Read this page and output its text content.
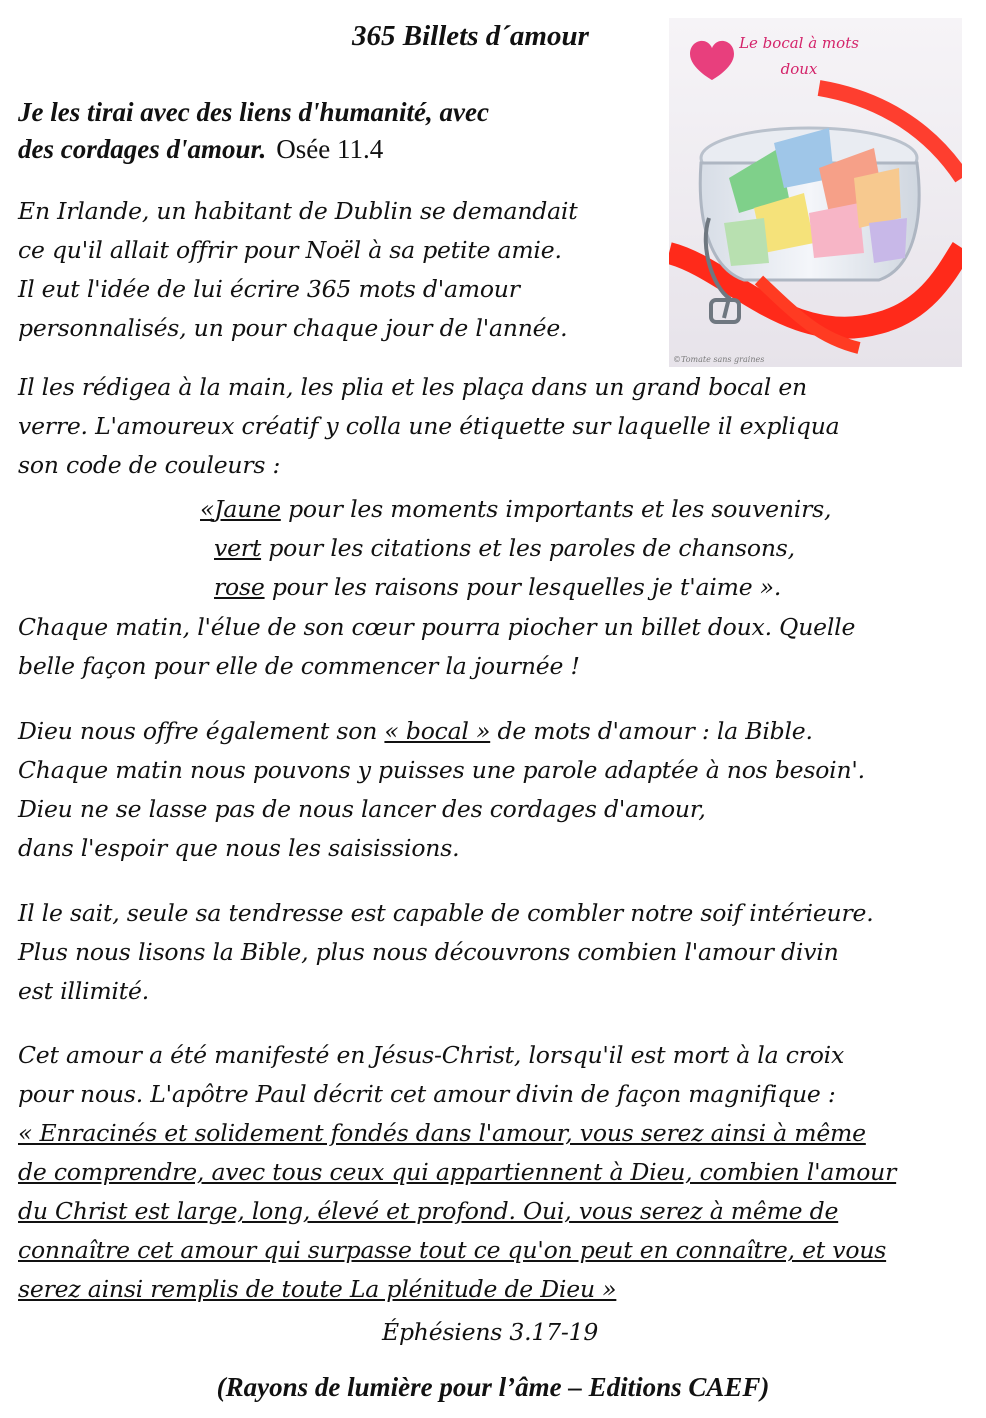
365 Billets d´amour
Je les tirai avec des liens d'humanité, avec
des cordages d'amour. Osée 11.4
Le bocal à mots doux
©Tomate sans graines
En Irlande, un habitant de Dublin se demandait
ce qu'il allait offrir pour Noël à sa petite amie.
Il eut l'idée de lui écrire 365 mots d'amour
personnalisés, un pour chaque jour de l'année.
Il les rédigea à la main, les plia et les plaça dans un grand bocal en
verre. L'amoureux créatif y colla une étiquette sur laquelle il expliqua
son code de couleurs :
«Jaune pour les moments importants et les souvenirs,
vert pour les citations et les paroles de chansons,
rose pour les raisons pour lesquelles je t'aime ».
Chaque matin, l'élue de son cœur pourra piocher un billet doux. Quelle
belle façon pour elle de commencer la journée !
Dieu nous offre également son « bocal » de mots d'amour : la Bible.
Chaque matin nous pouvons y puisses une parole adaptée à nos besoin'.
Dieu ne se lasse pas de nous lancer des cordages d'amour,
dans l'espoir que nous les saisissions.
Il le sait, seule sa tendresse est capable de combler notre soif intérieure.
Plus nous lisons la Bible, plus nous découvrons combien l'amour divin
est illimité.
Cet amour a été manifesté en Jésus-Christ, lorsqu'il est mort à la croix
pour nous. L'apôtre Paul décrit cet amour divin de façon magnifique :
« Enracinés et solidement fondés dans l'amour, vous serez ainsi à même
de comprendre, avec tous ceux qui appartiennent à Dieu, combien l'amour
du Christ est large, long, élevé et profond. Oui, vous serez à même de
connaître cet amour qui surpasse tout ce qu'on peut en connaître, et vous
serez ainsi remplis de toute La plénitude de Dieu »
Éphésiens 3.17-19
(Rayons de lumière pour l’âme – Editions CAEF)
